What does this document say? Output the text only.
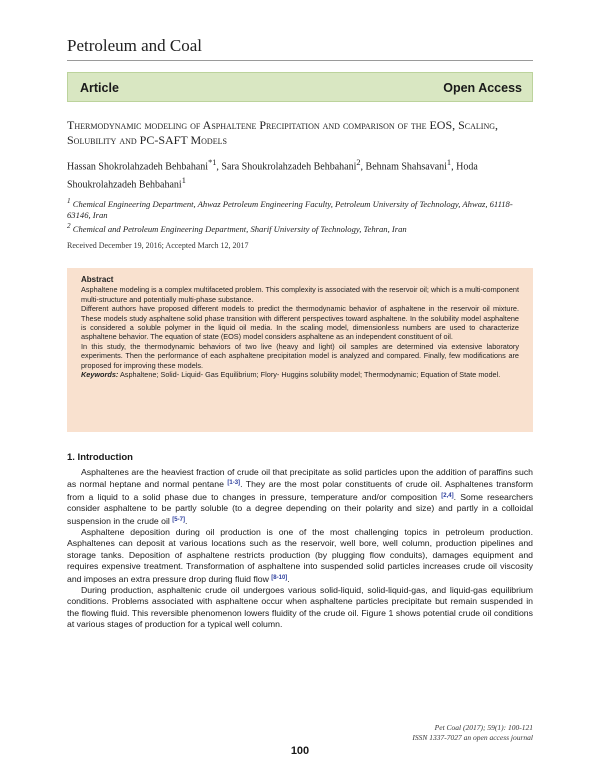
Petroleum and Coal
Article	Open Access
Thermodynamic modeling of Asphaltene Precipitation and comparison of the EOS, Scaling, Solubility and PC-SAFT Models
Hassan Shokrolahzadeh Behbahani$^{*1}$, Sara Shoukrolahzadeh Behbahani$^2$, Behnam Shahsavani$^1$, Hoda Shoukrolahzadeh Behbahani$^1$
$^1$ Chemical Engineering Department, Ahwaz Petroleum Engineering Faculty, Petroleum University of Technology, Ahwaz, 61118-63146, Iran
$^2$ Chemical and Petroleum Engineering Department, Sharif University of Technology, Tehran, Iran
Received December 19, 2016; Accepted March 12, 2017
Abstract

Asphaltene modeling is a complex multifaceted problem. This complexity is associated with the reservoir oil; which is a multi-component multi-structure and potentially multi-phase substance.

Different authors have proposed different models to predict the thermodynamic behavior of asphaltene in the reservoir oil mixture. These models study asphaltene solid phase transition with different perspectives toward asphaltene. In the solubility model asphaltene is considered a soluble polymer in the liquid oil media. In the scaling model, dimensionless numbers are used to characterize asphaltene behavior. The equation of state (EOS) model considers asphaltene as an independent constituent of oil.

In this study, the thermodynamic behaviors of two live (heavy and light) oil samples are determined via extensive laboratory experiments. Then the performance of each asphaltene precipitation model is analyzed and compared. Finally, few modifications are proposed for improving these models.

Keywords: Asphaltene; Solid- Liquid- Gas Equilibrium; Flory- Huggins solubility model; Thermodynamic; Equation of State model.

1. Introduction

Asphaltenes are the heaviest fraction of crude oil that precipitate as solid particles upon the addition of paraffins such as normal heptane and normal pentane [1-3]. They are the most polar constituents of crude oil. Asphaltenes transform from a liquid to a solid phase due to changes in pressure, temperature and/or composition [2,4]. Some researchers consider asphaltene to be partly soluble (to a degree depending on their polarity and size) and partly in a colloidal suspension in the crude oil [5-7].

Asphaltene deposition during oil production is one of the most challenging topics in petroleum production. Asphaltenes can deposit at various locations such as the reservoir, well bore, well column, production pipelines and storage tanks. Deposition of asphaltene restricts production (by plugging flow conduits), damages equipment and requires expensive treatment. Transformation of asphaltene into suspended solid particles increases crude oil viscosity and imposes an extra pressure drop during fluid flow [8-10].

During production, asphaltenic crude oil undergoes various solid-liquid, solid-liquid-gas, and liquid-gas equilibrium conditions. Problems associated with asphaltene occur when asphaltene particles precipitate but remain suspended in the flowing fluid. This reversible phenomenon lowers fluidity of the crude oil. Figure 1 shows potential crude oil conditions at various stages of production for a typical well column.

Pet Coal (2017); 59(1): 100-121
ISSN 1337-7027 an open access journal
100
